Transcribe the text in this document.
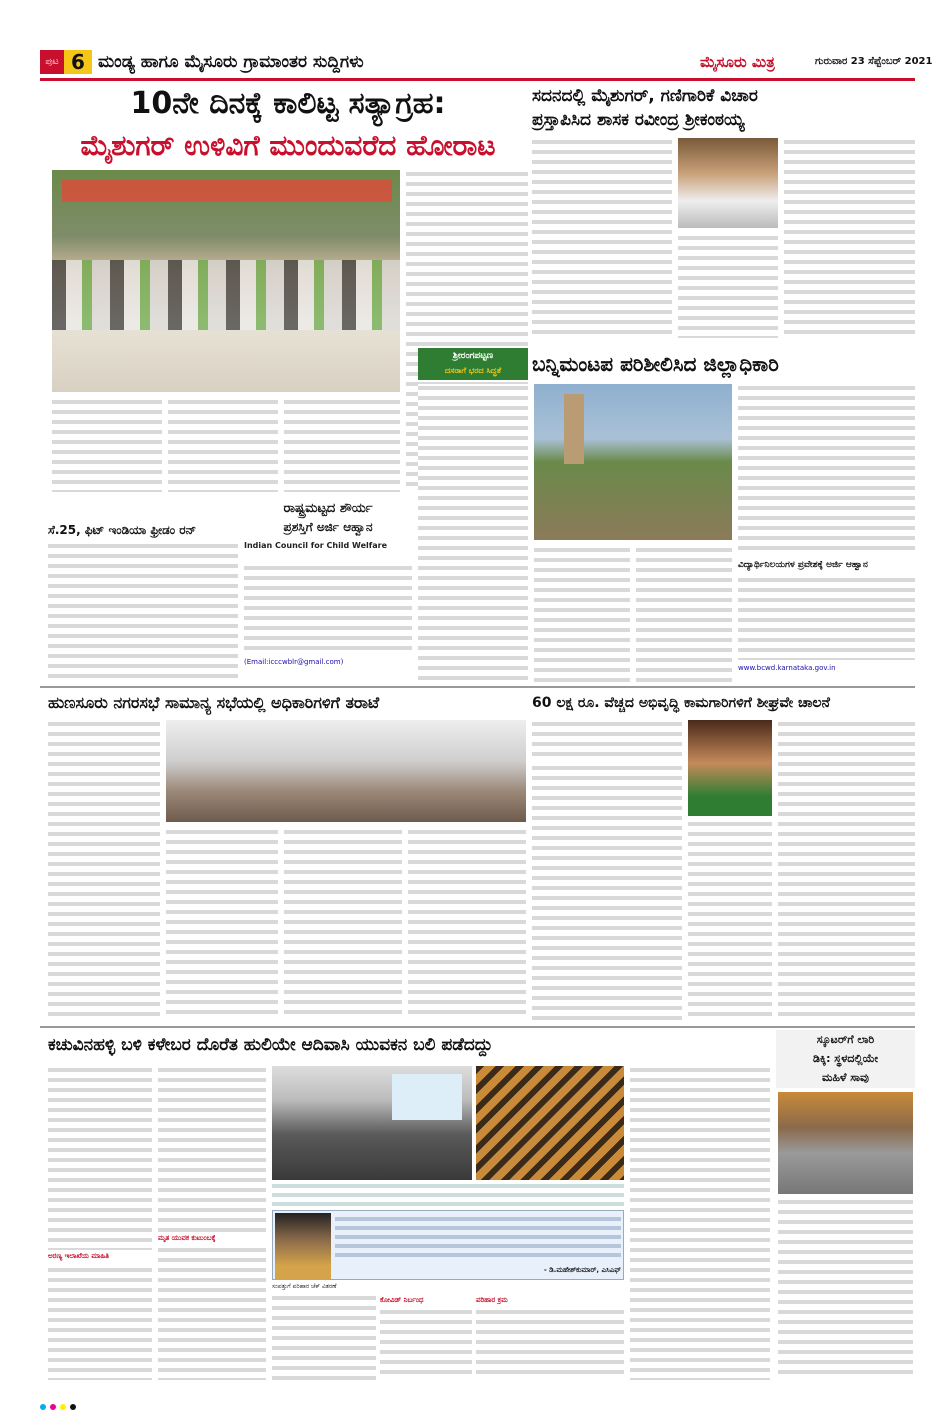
ಪುಟ 6 ಮಂಡ್ಯ ಹಾಗೂ ಮೈಸೂರು ಗ್ರಾಮಾಂತರ ಸುದ್ದಿಗಳು	ಮೈಸೂರು ಮಿತ್ರ	ಗುರುವಾರ 23 ಸೆಪ್ಟೆಂಬರ್ 2021
10ನೇ ದಿನಕ್ಕೆ ಕಾಲಿಟ್ಟ ಸತ್ಯಾಗ್ರಹ:
ಮೈಶುಗರ್ ಉಳಿವಿಗೆ ಮುಂದುವರೆದ ಹೋರಾಟ
ಸದನದಲ್ಲಿ ಮೈಶುಗರ್, ಗಣಿಗಾರಿಕೆ ವಿಚಾರ
ಪ್ರಸ್ತಾಪಿಸಿದ ಶಾಸಕ ರವೀಂದ್ರ ಶ್ರೀಕಂಠಯ್ಯ
ಶ್ರೀರಂಗಪಟ್ಟಣ
ದಸರಾಗೆ ಭರದ ಸಿದ್ಧತೆ	ಬನ್ನಿಮಂಟಪ ಪರಿಶೀಲಿಸಿದ ಜಿಲ್ಲಾಧಿಕಾರಿ
ವಿದ್ಯಾರ್ಥಿನಿಲಯಗಳ ಪ್ರವೇಶಕ್ಕೆ ಅರ್ಜಿ ಆಹ್ವಾನ
www.bcwd.karnataka.gov.in
ಸೆ.25, ಫಿಟ್ ಇಂಡಿಯಾ ಫ್ರೀಡಂ ರನ್
ರಾಷ್ಟ್ರಮಟ್ಟದ ಶೌರ್ಯ
ಪ್ರಶಸ್ತಿಗೆ ಅರ್ಜಿ ಆಹ್ವಾನ
Indian Council for Child Welfare
(Email:icccwblr@gmail.com)
ಹುಣಸೂರು ನಗರಸಭೆ ಸಾಮಾನ್ಯ ಸಭೆಯಲ್ಲಿ ಅಧಿಕಾರಿಗಳಿಗೆ ತರಾಟೆ	60 ಲಕ್ಷ ರೂ. ವೆಚ್ಚದ ಅಭಿವೃದ್ಧಿ ಕಾಮಗಾರಿಗಳಿಗೆ ಶೀಘ್ರವೇ ಚಾಲನೆ
ಕಚುವಿನಹಳ್ಳಿ ಬಳಿ ಕಳೇಬರ ದೊರೆತ ಹುಲಿಯೇ ಆದಿವಾಸಿ ಯುವಕನ ಬಲಿ ಪಡೆದದ್ದು
ಅರಣ್ಯ ಇಲಾಖೆಯ ಮಾಹಿತಿ
ಮೃತ ಯುವಕ ಕುಟುಂಬಕ್ಕೆ
- ಡಿ.ಮಹೇಶ್‍ಕುಮಾರ್, ಎಸಿಎಫ್
ಸಂಪತ್ತುಗೆ ಪರಿಹಾರ ಚೆಕ್ ವಿತರಣೆ
ಕೋವಿಡ್ ನಿರ್ಬಂಧ	ಪರಿಹಾರ ಕ್ರಮ
ಸ್ಕೂಟರ್‌ಗೆ ಲಾರಿ
ಡಿಕ್ಕಿ: ಸ್ಥಳದಲ್ಲಿಯೇ
ಮಹಿಳೆ ಸಾವು
